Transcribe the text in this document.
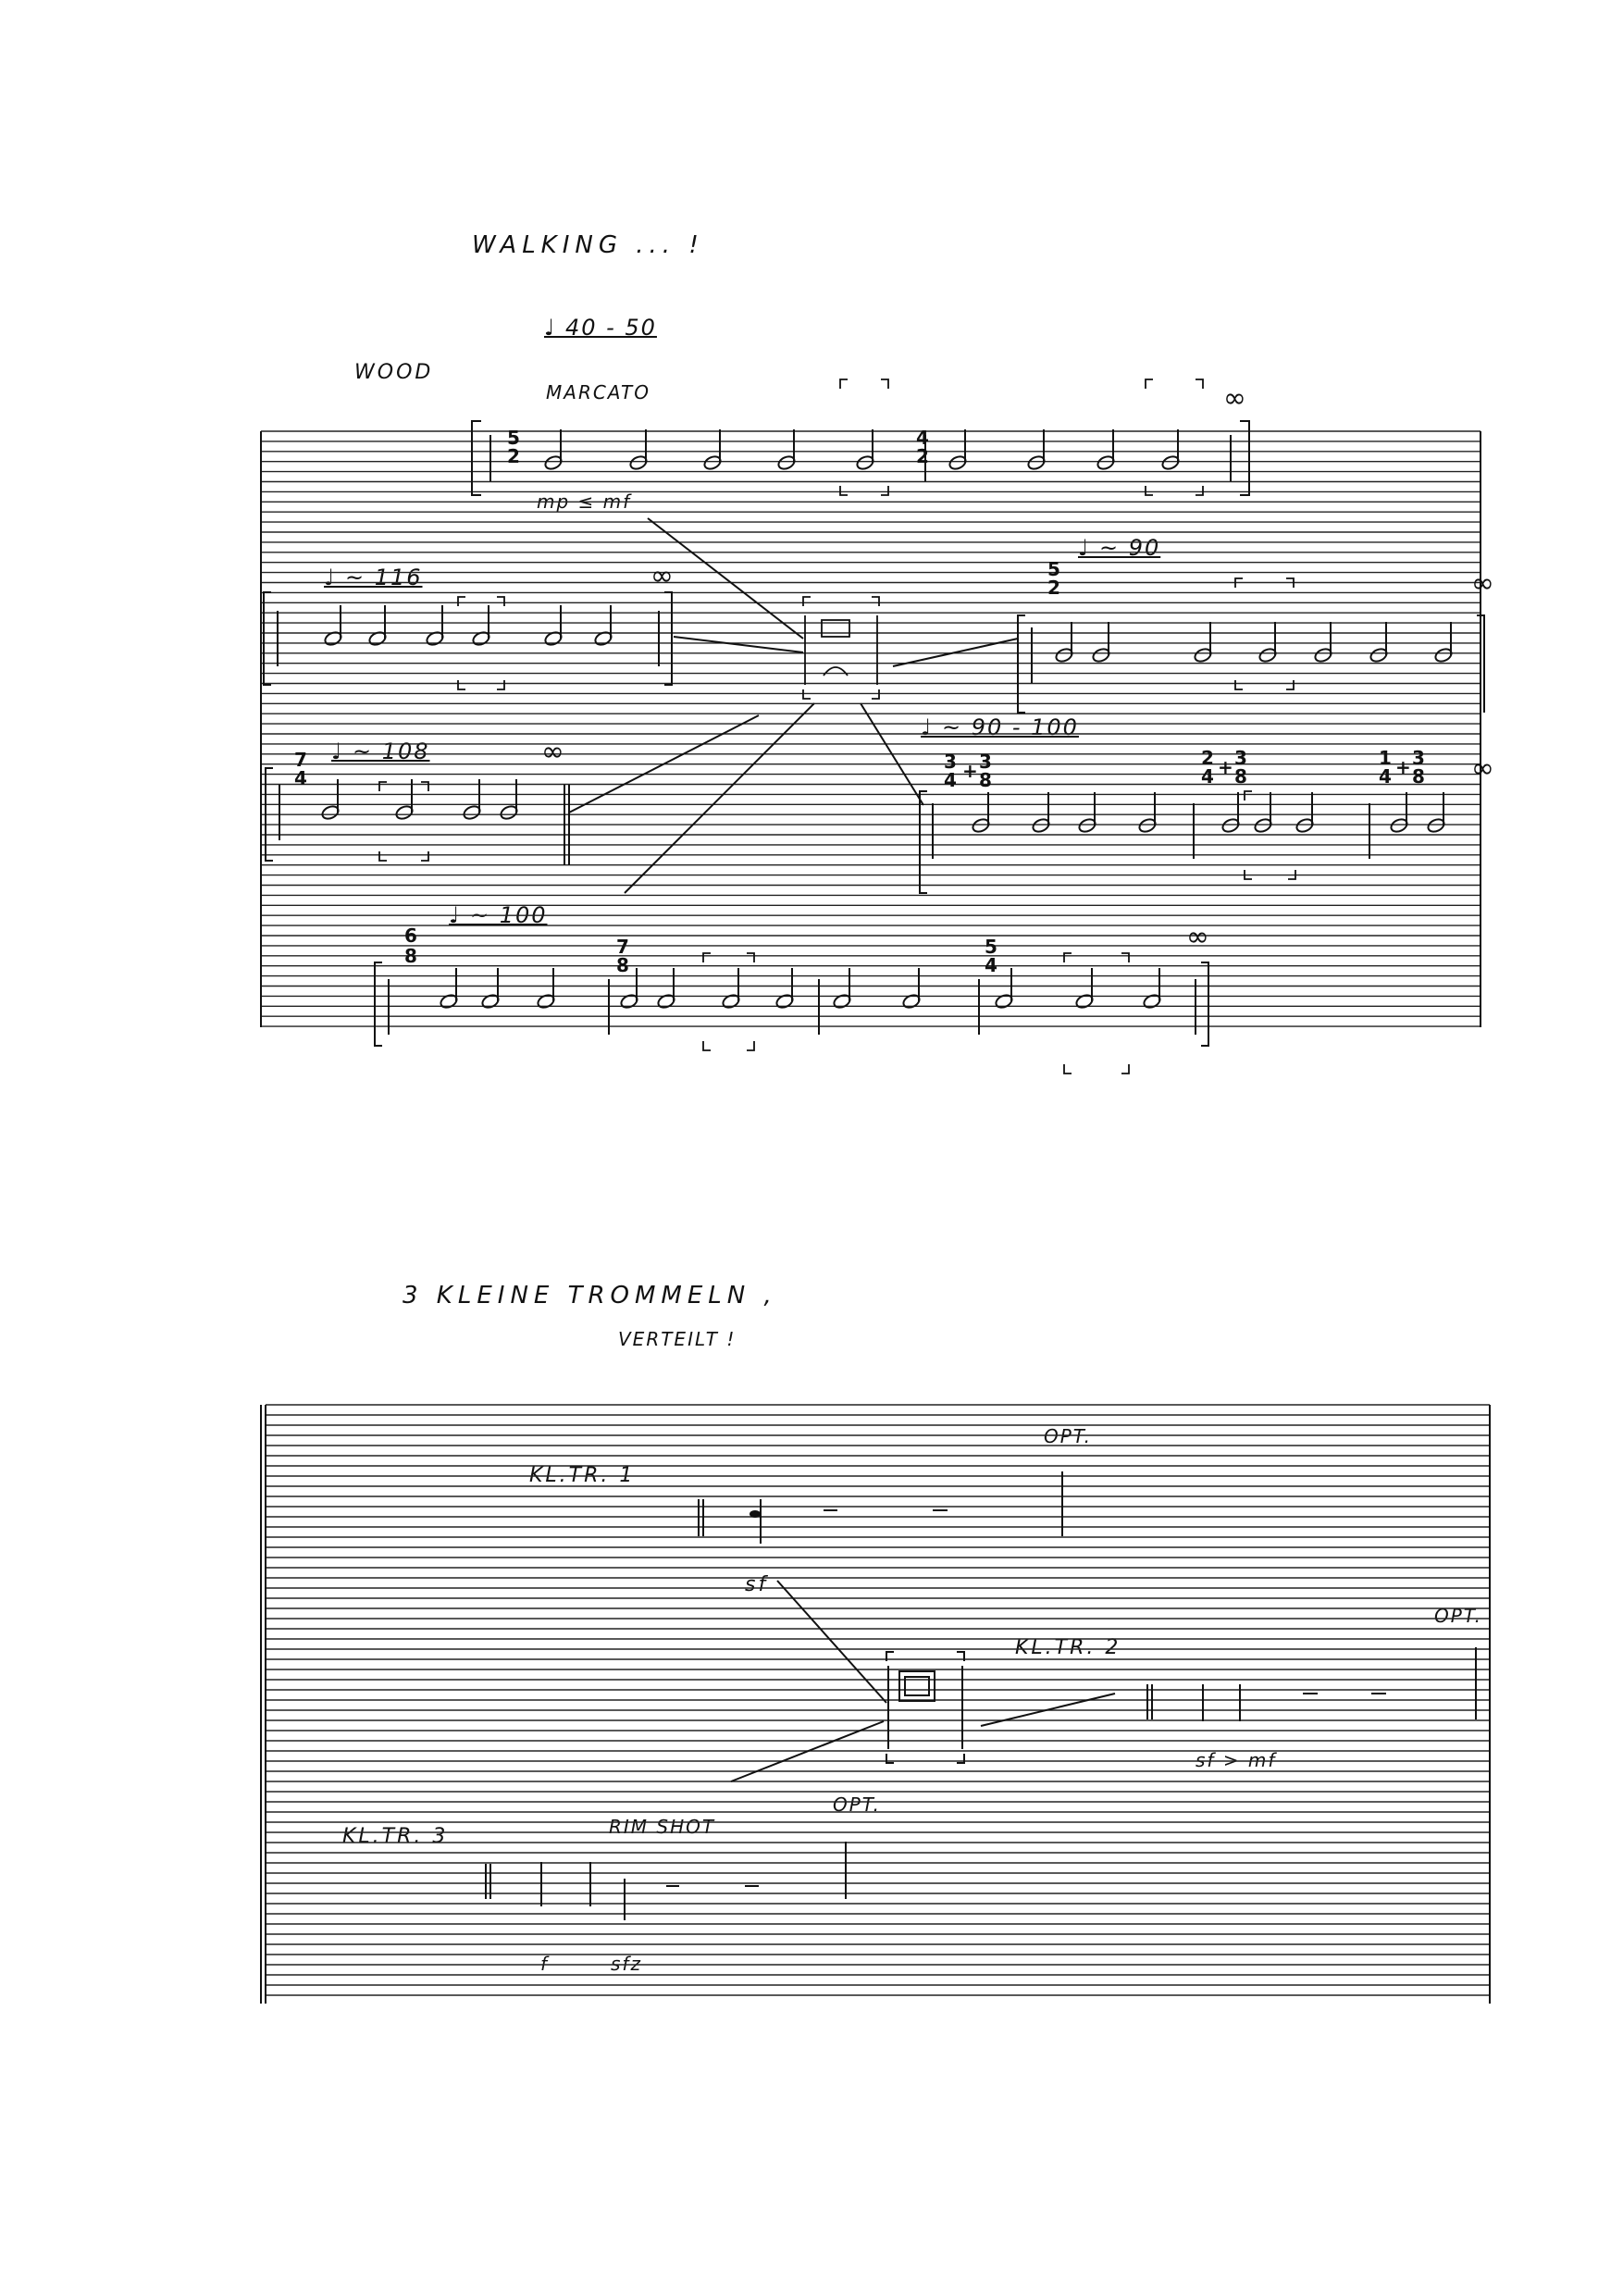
WALKING ... !
♩ 40 - 50
WOOD
MARCATO
mp ≤ mf
♩ ~ 116
♩ ~ 90
♩ ~ 108
♩ ~ 90 - 100
♩ ~ 100
3 KLEINE TROMMELN ,
VERTEILT !
KL.TR. 1
KL.TR. 2
KL.TR. 3
OPT.
OPT.
OPT.
RIM SHOT
sf
sf > mf
f	sfz
∞
∞	∞
∞
∞
∞
5
2
4
2
5
2
7
4
3
4 + 3
8
2
4 + 3
8
1
4 + 3
8
6
8	7
8
5
4
